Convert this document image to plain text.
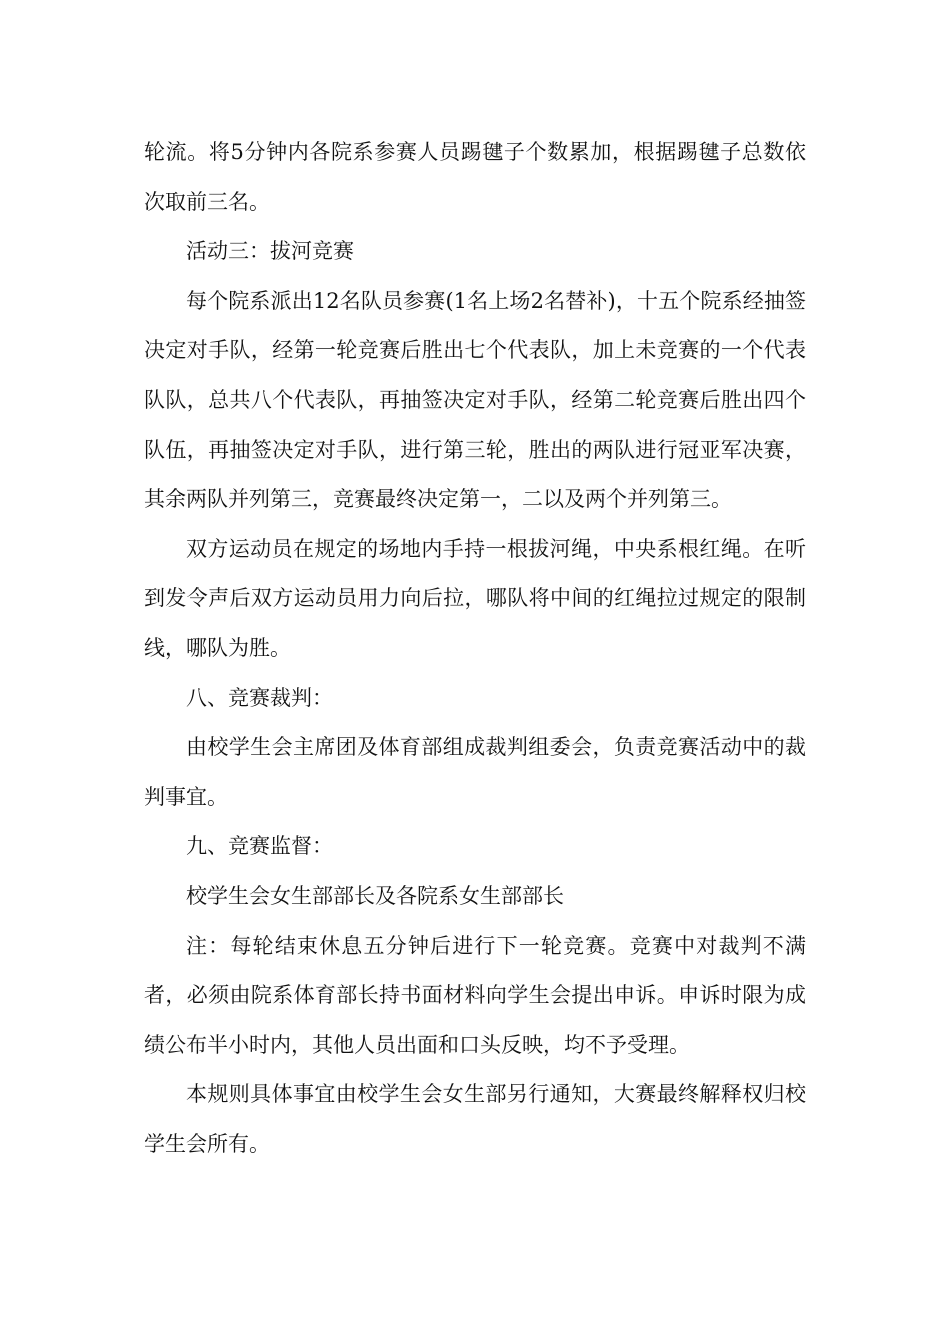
轮流。将5分钟内各院系参赛人员踢毽子个数累加，根据踢毽子总数依次取前三名。

活动三：拔河竞赛

每个院系派出12名队员参赛(1名上场2名替补)，十五个院系经抽签决定对手队，经第一轮竞赛后胜出七个代表队，加上未竞赛的一个代表队队，总共八个代表队，再抽签决定对手队，经第二轮竞赛后胜出四个队伍，再抽签决定对手队，进行第三轮，胜出的两队进行冠亚军决赛，其余两队并列第三，竞赛最终决定第一，二以及两个并列第三。

双方运动员在规定的场地内手持一根拔河绳，中央系根红绳。在听到发令声后双方运动员用力向后拉，哪队将中间的红绳拉过规定的限制线，哪队为胜。

八、竞赛裁判：

由校学生会主席团及体育部组成裁判组委会，负责竞赛活动中的裁判事宜。

九、竞赛监督：

校学生会女生部部长及各院系女生部部长

注：每轮结束休息五分钟后进行下一轮竞赛。竞赛中对裁判不满者，必须由院系体育部长持书面材料向学生会提出申诉。申诉时限为成绩公布半小时内，其他人员出面和口头反映，均不予受理。

本规则具体事宜由校学生会女生部另行通知，大赛最终解释权归校学生会所有。
